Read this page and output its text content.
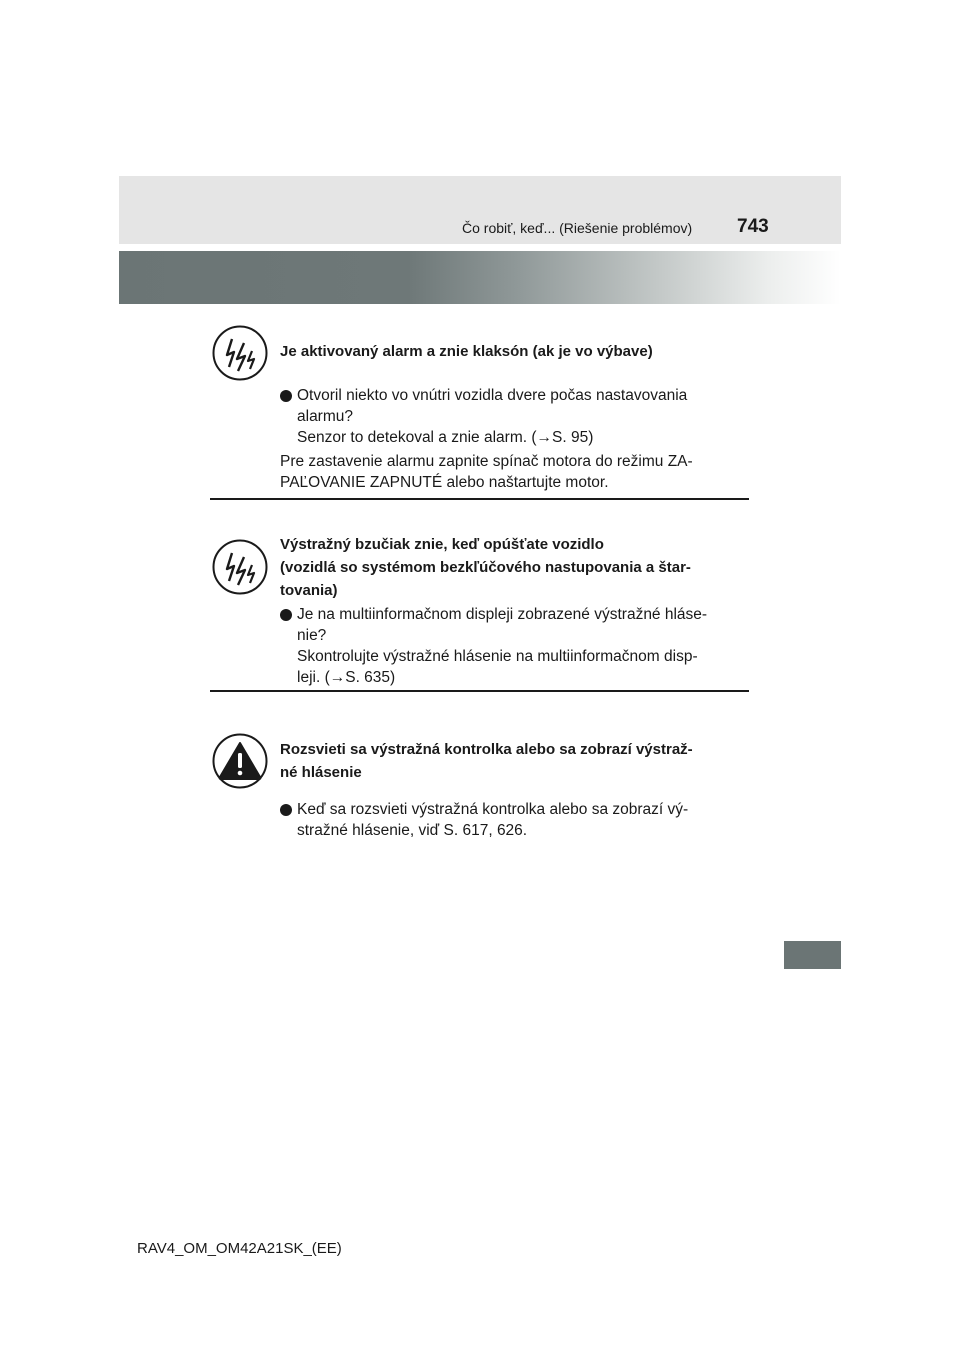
Čo robiť, keď... (Riešenie problémov) 743
Je aktivovaný alarm a znie klaksón (ak je vo výbave)
Otvoril niekto vo vnútri vozidla dvere počas nastavovania
alarmu?
Senzor to detekoval a znie alarm. (→S. 95)
Pre zastavenie alarmu zapnite spínač motora do režimu ZA-
PAĽOVANIE ZAPNUTÉ alebo naštartujte motor.
Výstražný bzučiak znie, keď opúšťate vozidlo
(vozidlá so systémom bezkľúčového nastupovania a štar-
tovania)
Je na multiinformačnom displeji zobrazené výstražné hláse-
nie?
Skontrolujte výstražné hlásenie na multiinformačnom disp-
leji. (→S. 635)
Rozsvieti sa výstražná kontrolka alebo sa zobrazí výstraž-
né hlásenie
Keď sa rozsvieti výstražná kontrolka alebo sa zobrazí vý-
stražné hlásenie, viď S. 617, 626.
RAV4_OM_OM42A21SK_(EE)
